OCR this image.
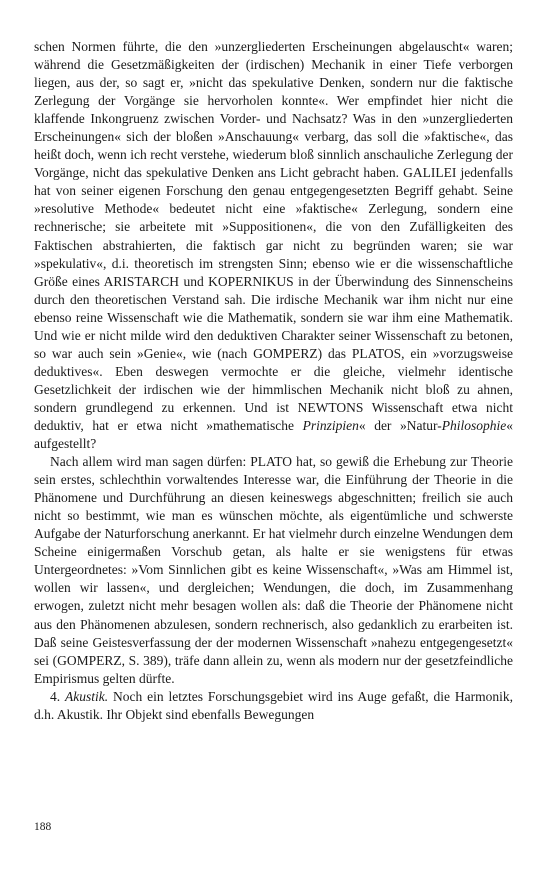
schen Normen führte, die den »unzergliederten Erscheinungen abgelauscht« waren; während die Gesetzmäßigkeiten der (irdischen) Mechanik in einer Tiefe verborgen liegen, aus der, so sagt er, »nicht das spekulative Denken, sondern nur die faktische Zerlegung der Vorgänge sie hervorholen konnte«. Wer empfindet hier nicht die klaffende Inkongruenz zwischen Vorder- und Nachsatz? Was in den »unzergliederten Erscheinungen« sich der bloßen »Anschauung« verbarg, das soll die »faktische«, das heißt doch, wenn ich recht verstehe, wiederum bloß sinnlich anschauliche Zerlegung der Vorgänge, nicht das spekulative Denken ans Licht gebracht haben. GALILEI jedenfalls hat von seiner eigenen Forschung den genau entgegengesetzten Begriff gehabt. Seine »resolutive Methode« bedeutet nicht eine »faktische« Zerlegung, sondern eine rechnerische; sie arbeitete mit »Suppositionen«, die von den Zufälligkeiten des Faktischen abstrahierten, die faktisch gar nicht zu begründen waren; sie war »spekulativ«, d.i. theoretisch im strengsten Sinn; ebenso wie er die wissenschaftliche Größe eines ARISTARCH und KOPERNIKUS in der Überwindung des Sinnenscheins durch den theoretischen Verstand sah. Die irdische Mechanik war ihm nicht nur eine ebenso reine Wissenschaft wie die Mathematik, sondern sie war ihm eine Mathematik. Und wie er nicht milde wird den deduktiven Charakter seiner Wissenschaft zu betonen, so war auch sein »Genie«, wie (nach GOMPERZ) das PLATOS, ein »vorzugsweise deduktives«. Eben deswegen vermochte er die gleiche, vielmehr identische Gesetzlichkeit der irdischen wie der himmlischen Mechanik nicht bloß zu ahnen, sondern grundlegend zu erkennen. Und ist NEWTONS Wissenschaft etwa nicht deduktiv, hat er etwa nicht »mathematische Prinzipien« der »Natur-Philosophie« aufgestellt?

Nach allem wird man sagen dürfen: PLATO hat, so gewiß die Erhebung zur Theorie sein erstes, schlechthin vorwaltendes Interesse war, die Einführung der Theorie in die Phänomene und Durchführung an diesen keineswegs abgeschnitten; freilich sie auch nicht so bestimmt, wie man es wünschen möchte, als eigentümliche und schwerste Aufgabe der Naturforschung anerkannt. Er hat vielmehr durch einzelne Wendungen dem Scheine einigermaßen Vorschub getan, als halte er sie wenigstens für etwas Untergeordnetes: »Vom Sinnlichen gibt es keine Wissenschaft«, »Was am Himmel ist, wollen wir lassen«, und dergleichen; Wendungen, die doch, im Zusammenhang erwogen, zuletzt nicht mehr besagen wollen als: daß die Theorie der Phänomene nicht aus den Phänomenen abzulesen, sondern rechnerisch, also gedanklich zu erarbeiten ist. Daß seine Geistesverfassung der der modernen Wissenschaft »nahezu entgegengesetzt« sei (GOMPERZ, S. 389), träfe dann allein zu, wenn als modern nur der gesetzfeindliche Empirismus gelten dürfte.

4. Akustik. Noch ein letztes Forschungsgebiet wird ins Auge gefaßt, die Harmonik, d.h. Akustik. Ihr Objekt sind ebenfalls Bewegungen

188
